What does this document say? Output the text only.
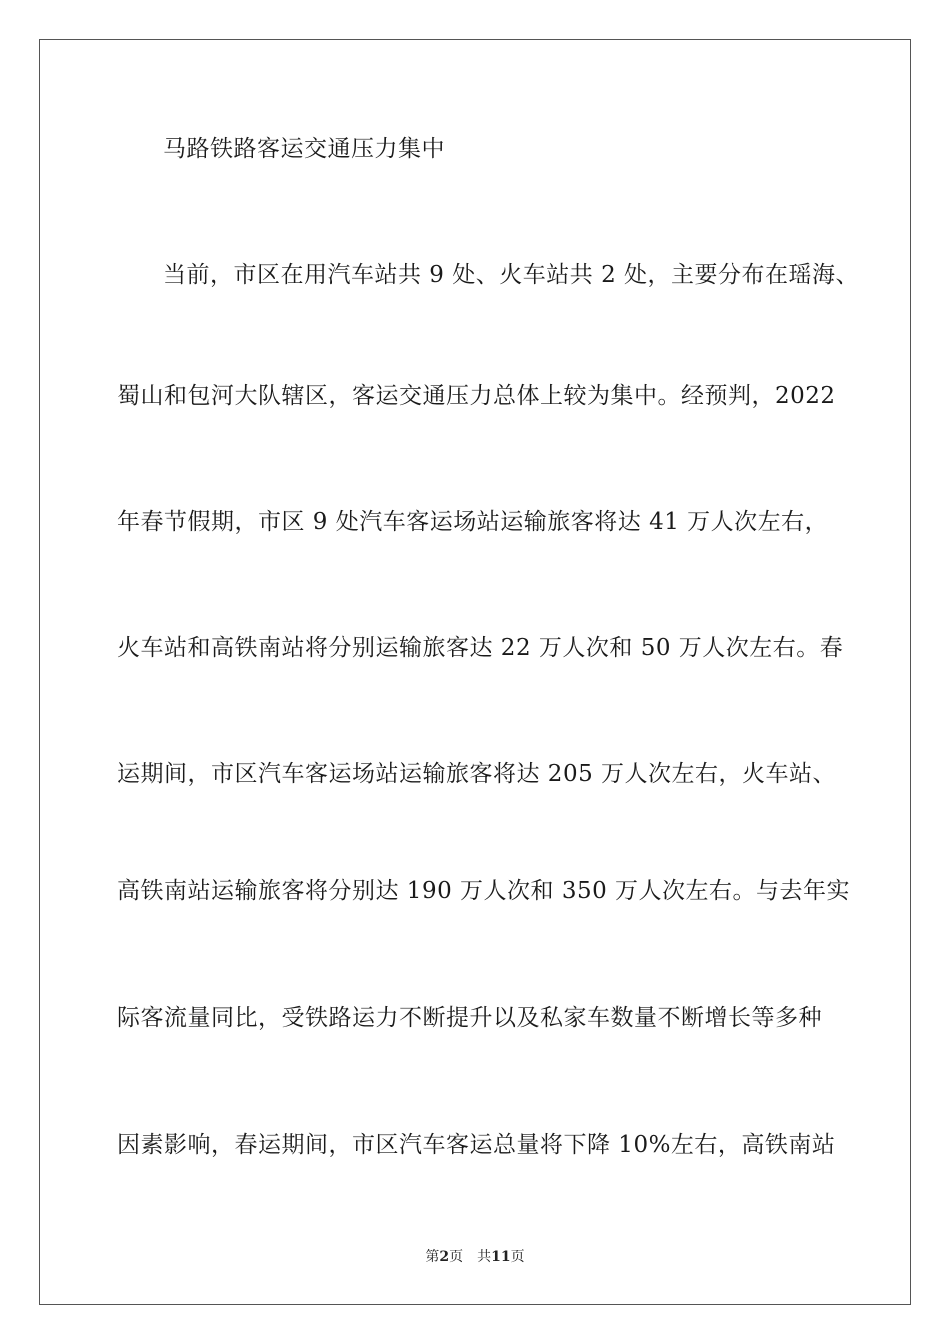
马路铁路客运交通压力集中
当前，市区在用汽车站共 9 处、火车站共 2 处，主要分布在瑶海、
蜀山和包河大队辖区，客运交通压力总体上较为集中。经预判，2022
年春节假期，市区 9 处汽车客运场站运输旅客将达 41 万人次左右，
火车站和高铁南站将分别运输旅客达 22 万人次和 50 万人次左右。春
运期间，市区汽车客运场站运输旅客将达 205 万人次左右，火车站、
高铁南站运输旅客将分别达 190 万人次和 350 万人次左右。与去年实
际客流量同比，受铁路运力不断提升以及私家车数量不断增长等多种
第2页 共11页
因素影响，春运期间，市区汽车客运总量将下降 10%左右，高铁南站
